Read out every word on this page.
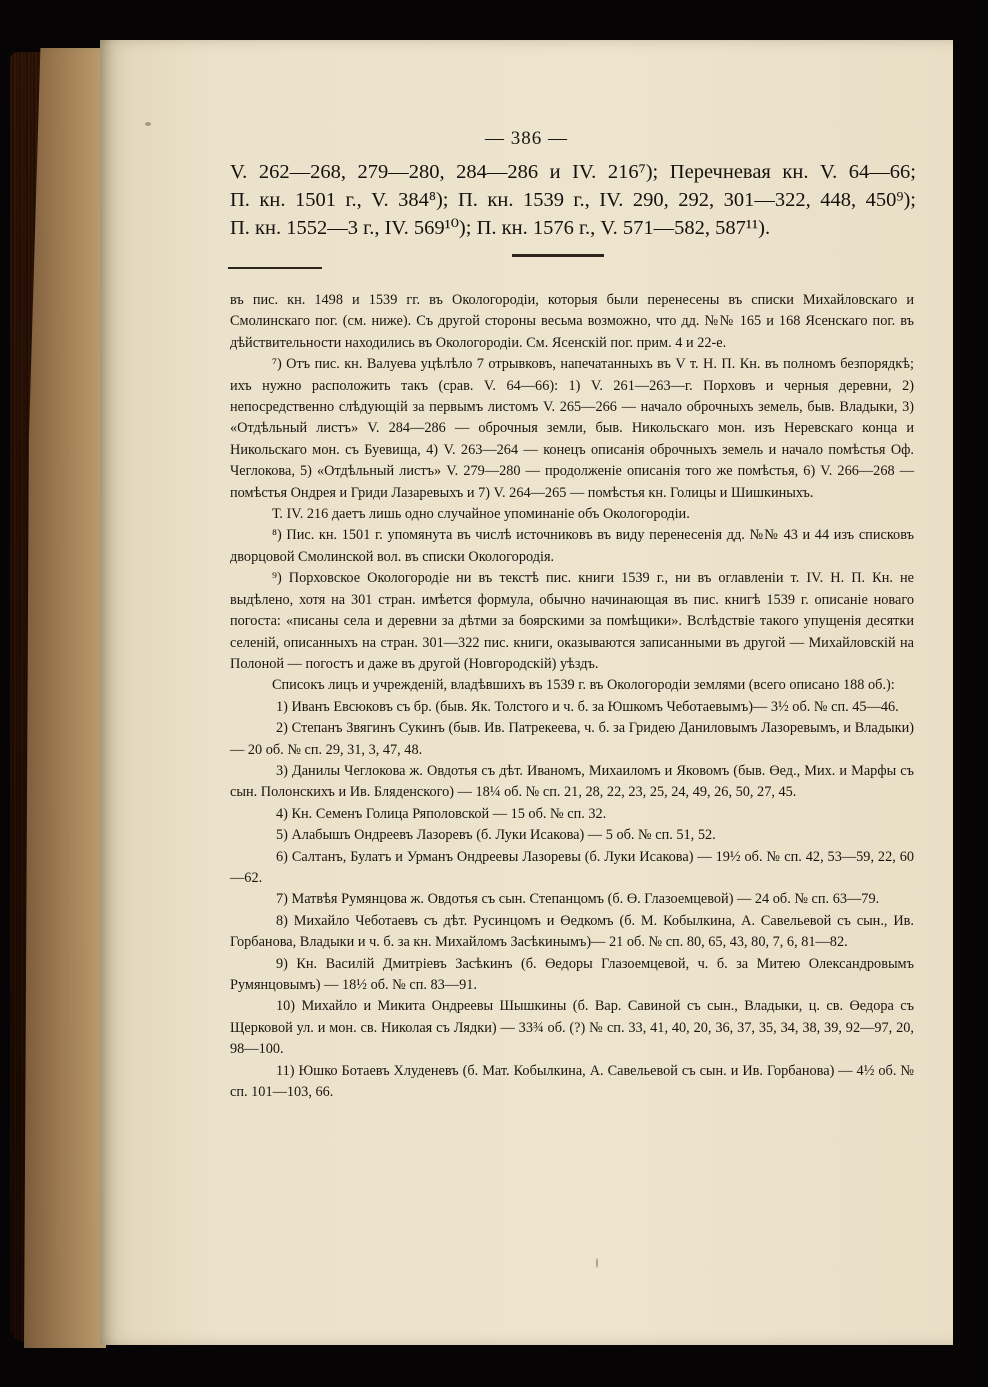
— 386 —
V. 262—268, 279—280, 284—286 и IV. 216⁷); Перечневая кн. V. 64—66;
П. кн. 1501 г., V. 384⁸); П. кн. 1539 г., IV. 290, 292, 301—322, 448, 450⁹);
П. кн. 1552—3 г., IV. 569¹⁰); П. кн. 1576 г., V. 571—582, 587¹¹).
въ пис. кн. 1498 и 1539 гг. въ Окологородіи, которыя были перенесены въ списки Михайловскаго и Смолинскаго пог. (см. ниже). Съ другой стороны весьма возможно, что дд. №№ 165 и 168 Ясенскаго пог. въ дѣйствительности находились въ Окологородіи. См. Ясенскій пог. прим. 4 и 22-е.
⁷) Отъ пис. кн. Валуева уцѣлѣло 7 отрывковъ, напечатанныхъ въ V т. Н. П. Кн. въ полномъ безпорядкѣ; ихъ нужно расположить такъ (срав. V. 64—66): 1) V. 261—263—г. Порховъ и черныя деревни, 2) непосредственно слѣдующій за первымъ листомъ V. 265—266 — начало оброчныхъ земель, быв. Владыки, 3) «Отдѣльный листъ» V. 284—286 — оброчныя земли, быв. Никольскаго мон. изъ Неревскаго конца и Никольскаго мон. съ Буевища, 4) V. 263—264 — конецъ описанія оброчныхъ земель и начало помѣстья Оф. Чеглокова, 5) «Отдѣльный листъ» V. 279—280 — продолженіе описанія того же помѣстья, 6) V. 266—268 — помѣстья Ондрея и Гриди Лазаревыхъ и 7) V. 264—265 — помѣстья кн. Голицы и Шишкиныхъ.
Т. IV. 216 даетъ лишь одно случайное упоминаніе объ Окологородіи.
⁸) Пис. кн. 1501 г. упомянута въ числѣ источниковъ въ виду перенесенія дд. №№ 43 и 44 изъ списковъ дворцовой Смолинской вол. въ списки Окологородія.
⁹) Порховское Окологородіе ни въ текстѣ пис. книги 1539 г., ни въ оглавленіи т. IV. Н. П. Кн. не выдѣлено, хотя на 301 стран. имѣется формула, обычно начинающая въ пис. книгѣ 1539 г. описаніе новаго погоста: «писаны села и деревни за дѣтми за боярскими за помѣщики». Вслѣдствіе такого упущенія десятки селеній, описанныхъ на стран. 301—322 пис. книги, оказываются записанными въ другой — Михайловскій на Полоной — погостъ и даже въ другой (Новгородскій) уѣздъ.
Списокъ лицъ и учрежденій, владѣвшихъ въ 1539 г. въ Окологородіи землями (всего описано 188 об.):
1) Иванъ Евсюковъ съ бр. (быв. Як. Толстого и ч. б. за Юшкомъ Чеботаевымъ)— 3½ об. № сп. 45—46.
2) Степанъ Звягинъ Сукинъ (быв. Ив. Патрекеева, ч. б. за Гридею Даниловымъ Лазоревымъ, и Владыки) — 20 об. № сп. 29, 31, 3, 47, 48.
3) Данилы Чеглокова ж. Овдотья съ дѣт. Иваномъ, Михаиломъ и Яковомъ (быв. Өед., Мих. и Марфы съ сын. Полонскихъ и Ив. Бляденского) — 18¼ об. № сп. 21, 28, 22, 23, 25, 24, 49, 26, 50, 27, 45.
4) Кн. Семенъ Голица Ряполовской — 15 об. № сп. 32.
5) Алабышъ Ондреевъ Лазоревъ (б. Луки Исакова) — 5 об. № сп. 51, 52.
6) Салтанъ, Булатъ и Урманъ Ондреевы Лазоревы (б. Луки Исакова) — 19½ об. № сп. 42, 53—59, 22, 60—62.
7) Матвѣя Румянцова ж. Овдотья съ сын. Степанцомъ (б. Ө. Глазоемцевой) — 24 об. № сп. 63—79.
8) Михайло Чеботаевъ съ дѣт. Русинцомъ и Өедкомъ (б. М. Кобылкина, А. Савельевой съ сын., Ив. Горбанова, Владыки и ч. б. за кн. Михайломъ Засѣкинымъ)— 21 об. № сп. 80, 65, 43, 80, 7, 6, 81—82.
9) Кн. Василій Дмитріевъ Засѣкинъ (б. Өедоры Глазоемцевой, ч. б. за Митею Олександровымъ Румянцовымъ) — 18½ об. № сп. 83—91.
10) Михайло и Микита Ондреевы Шышкины (б. Вар. Савиной съ сын., Владыки, ц. св. Өедора съ Щерковой ул. и мон. св. Николая съ Лядки) — 33¾ об. (?) № сп. 33, 41, 40, 20, 36, 37, 35, 34, 38, 39, 92—97, 20, 98—100.
11) Юшко Ботаевъ Хлуденевъ (б. Мат. Кобылкина, А. Савельевой съ сын. и Ив. Горбанова) — 4½ об. № сп. 101—103, 66.
